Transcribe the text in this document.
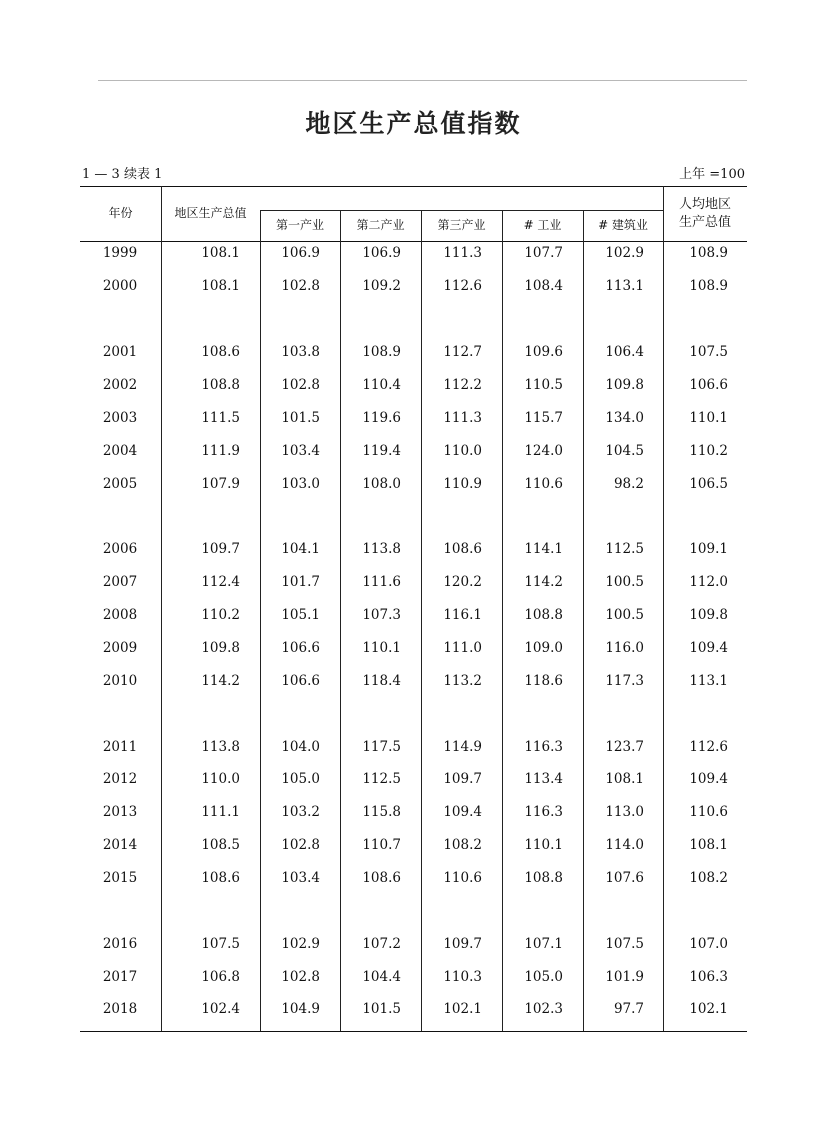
地区生产总值指数
1 — 3 续表 1	上年 =100
年份	地区生产总值
第一产业	第二产业	第三产业	# 工业	# 建筑业
人均地区
生产总值
1999	108.1	106.9	106.9	111.3	107.7	102.9	108.9
2000	108.1	102.8	109.2	112.6	108.4	113.1	108.9
2001	108.6	103.8	108.9	112.7	109.6	106.4	107.5
2002	108.8	102.8	110.4	112.2	110.5	109.8	106.6
2003	111.5	101.5	119.6	111.3	115.7	134.0	110.1
2004	111.9	103.4	119.4	110.0	124.0	104.5	110.2
2005	107.9	103.0	108.0	110.9	110.6	98.2	106.5
2006	109.7	104.1	113.8	108.6	114.1	112.5	109.1
2007	112.4	101.7	111.6	120.2	114.2	100.5	112.0
2008	110.2	105.1	107.3	116.1	108.8	100.5	109.8
2009	109.8	106.6	110.1	111.0	109.0	116.0	109.4
2010	114.2	106.6	118.4	113.2	118.6	117.3	113.1
2011	113.8	104.0	117.5	114.9	116.3	123.7	112.6
2012	110.0	105.0	112.5	109.7	113.4	108.1	109.4
2013	111.1	103.2	115.8	109.4	116.3	113.0	110.6
2014	108.5	102.8	110.7	108.2	110.1	114.0	108.1
2015	108.6	103.4	108.6	110.6	108.8	107.6	108.2
2016	107.5	102.9	107.2	109.7	107.1	107.5	107.0
2017	106.8	102.8	104.4	110.3	105.0	101.9	106.3
2018	102.4	104.9	101.5	102.1	102.3	97.7	102.1
